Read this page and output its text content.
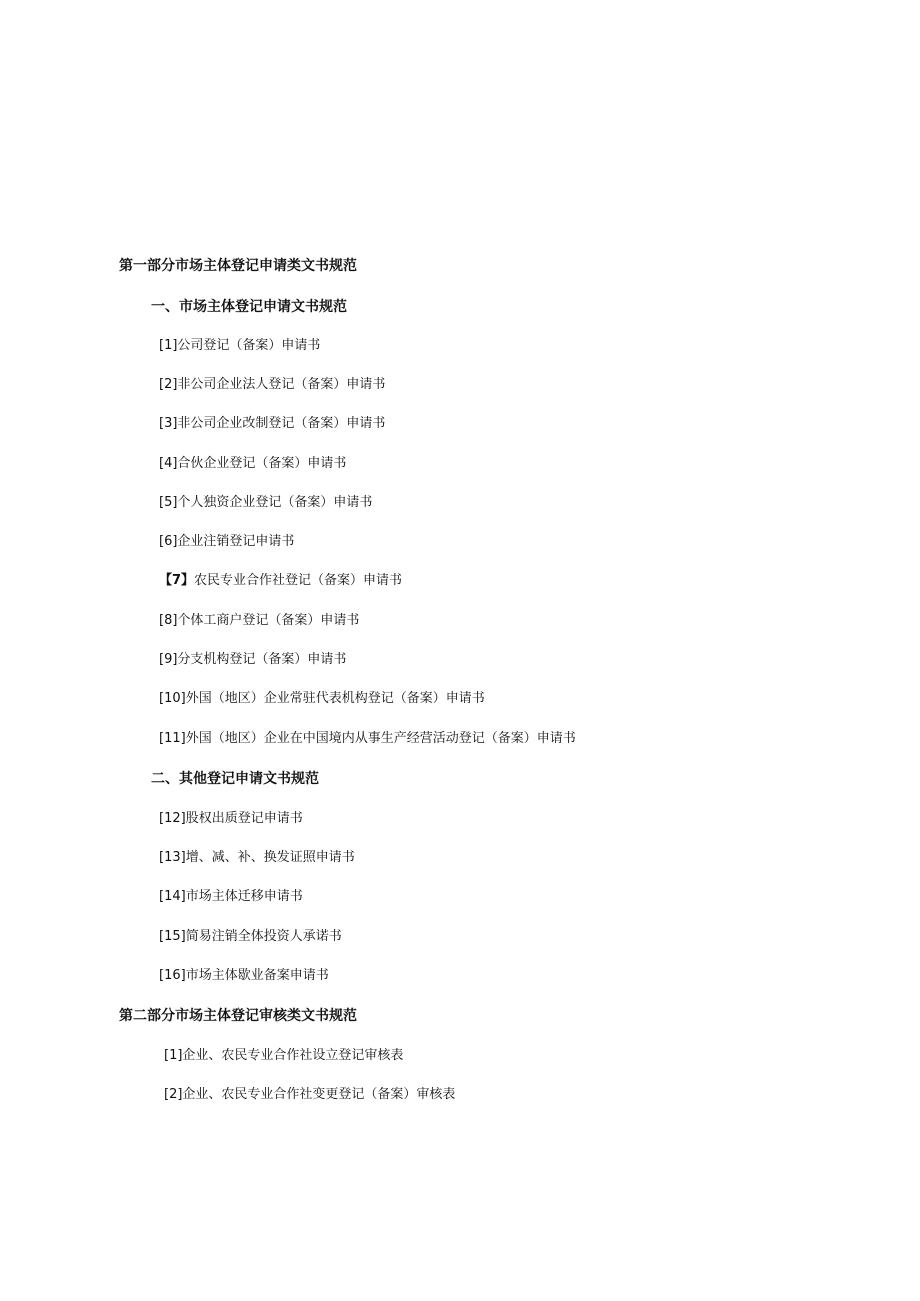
第一部分市场主体登记申请类文书规范
一、市场主体登记申请文书规范
[1]公司登记（备案）申请书
[2]非公司企业法人登记（备案）申请书
[3]非公司企业改制登记（备案）申请书
[4]合伙企业登记（备案）申请书
[5]个人独资企业登记（备案）申请书
[6]企业注销登记申请书
【7】农民专业合作社登记（备案）申请书
[8]个体工商户登记（备案）申请书
[9]分支机构登记（备案）申请书
[10]外国（地区）企业常驻代表机构登记（备案）申请书
[11]外国（地区）企业在中国境内从事生产经营活动登记（备案）申请书
二、其他登记申请文书规范
[12]股权出质登记申请书
[13]增、减、补、换发证照申请书
[14]市场主体迁移申请书
[15]简易注销全体投资人承诺书
[16]市场主体歇业备案申请书
第二部分市场主体登记审核类文书规范
[1]企业、农民专业合作社设立登记审核表
[2]企业、农民专业合作社变更登记（备案）审核表
